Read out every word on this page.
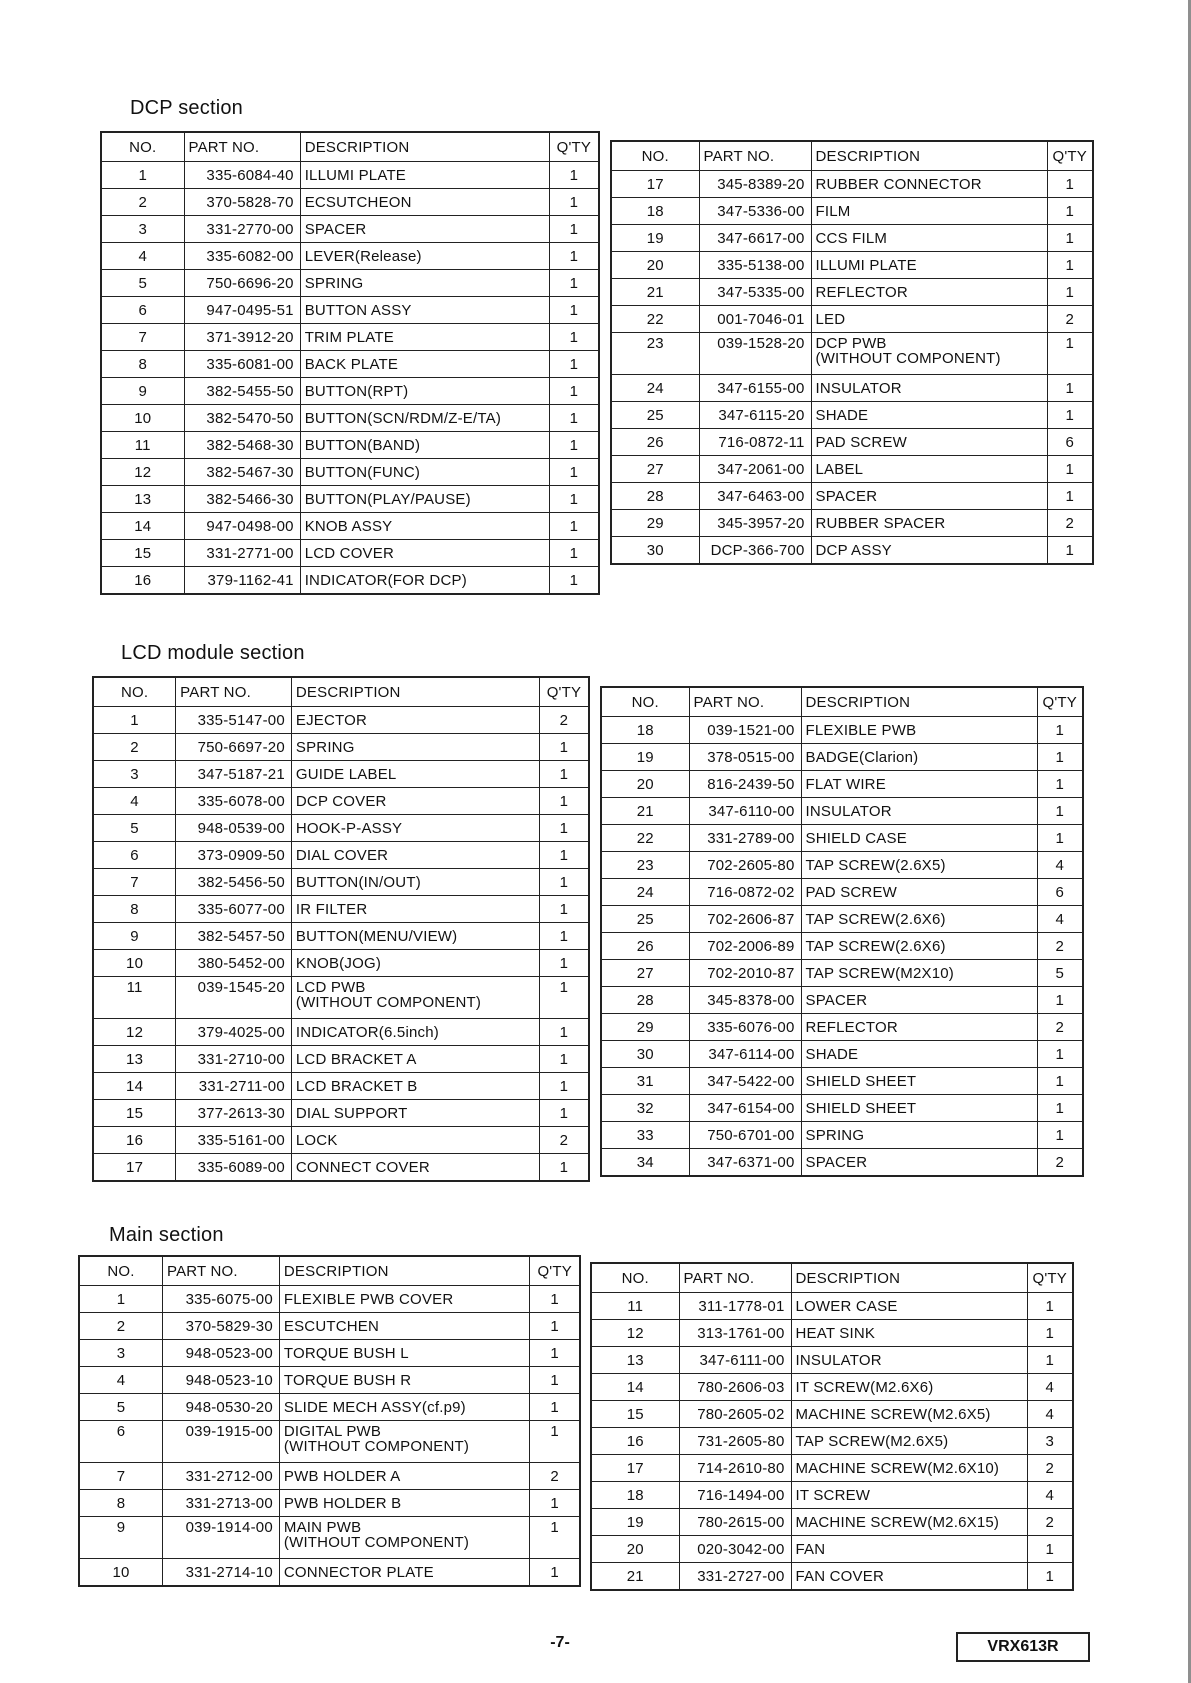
DCP section
NO.	PART NO.	DESCRIPTION	Q'TY
1	335-6084-40	ILLUMI PLATE	1
2	370-5828-70	ECSUTCHEON	1
3	331-2770-00	SPACER	1
4	335-6082-00	LEVER(Release)	1
5	750-6696-20	SPRING	1
6	947-0495-51	BUTTON ASSY	1
7	371-3912-20	TRIM PLATE	1
8	335-6081-00	BACK PLATE	1
9	382-5455-50	BUTTON(RPT)	1
10	382-5470-50	BUTTON(SCN/RDM/Z-E/TA)	1
11	382-5468-30	BUTTON(BAND)	1
12	382-5467-30	BUTTON(FUNC)	1
13	382-5466-30	BUTTON(PLAY/PAUSE)	1
14	947-0498-00	KNOB ASSY	1
15	331-2771-00	LCD COVER	1
16	379-1162-41	INDICATOR(FOR DCP)	1
NO.	PART NO.	DESCRIPTION	Q'TY
17	345-8389-20	RUBBER CONNECTOR	1
18	347-5336-00	FILM	1
19	347-6617-00	CCS FILM	1
20	335-5138-00	ILLUMI PLATE	1
21	347-5335-00	REFLECTOR	1
22	001-7046-01	LED	2
23	039-1528-20	DCP PWB
(WITHOUT COMPONENT)	1
24	347-6155-00	INSULATOR	1
25	347-6115-20	SHADE	1
26	716-0872-11	PAD SCREW	6
27	347-2061-00	LABEL	1
28	347-6463-00	SPACER	1
29	345-3957-20	RUBBER SPACER	2
30	DCP-366-700	DCP ASSY	1
LCD module section
NO.	PART NO.	DESCRIPTION	Q'TY
1	335-5147-00	EJECTOR	2
2	750-6697-20	SPRING	1
3	347-5187-21	GUIDE LABEL	1
4	335-6078-00	DCP COVER	1
5	948-0539-00	HOOK-P-ASSY	1
6	373-0909-50	DIAL COVER	1
7	382-5456-50	BUTTON(IN/OUT)	1
8	335-6077-00	IR FILTER	1
9	382-5457-50	BUTTON(MENU/VIEW)	1
10	380-5452-00	KNOB(JOG)	1
11	039-1545-20	LCD PWB
(WITHOUT COMPONENT)	1
12	379-4025-00	INDICATOR(6.5inch)	1
13	331-2710-00	LCD BRACKET A	1
14	331-2711-00	LCD BRACKET B	1
15	377-2613-30	DIAL SUPPORT	1
16	335-5161-00	LOCK	2
17	335-6089-00	CONNECT COVER	1
NO.	PART NO.	DESCRIPTION	Q'TY
18	039-1521-00	FLEXIBLE PWB	1
19	378-0515-00	BADGE(Clarion)	1
20	816-2439-50	FLAT WIRE	1
21	347-6110-00	INSULATOR	1
22	331-2789-00	SHIELD CASE	1
23	702-2605-80	TAP SCREW(2.6X5)	4
24	716-0872-02	PAD SCREW	6
25	702-2606-87	TAP SCREW(2.6X6)	4
26	702-2006-89	TAP SCREW(2.6X6)	2
27	702-2010-87	TAP SCREW(M2X10)	5
28	345-8378-00	SPACER	1
29	335-6076-00	REFLECTOR	2
30	347-6114-00	SHADE	1
31	347-5422-00	SHIELD SHEET	1
32	347-6154-00	SHIELD SHEET	1
33	750-6701-00	SPRING	1
34	347-6371-00	SPACER	2
Main section
NO.	PART NO.	DESCRIPTION	Q'TY
1	335-6075-00	FLEXIBLE PWB COVER	1
2	370-5829-30	ESCUTCHEN	1
3	948-0523-00	TORQUE BUSH L	1
4	948-0523-10	TORQUE BUSH R	1
5	948-0530-20	SLIDE MECH ASSY(cf.p9)	1
6	039-1915-00	DIGITAL PWB
(WITHOUT COMPONENT)	1
7	331-2712-00	PWB HOLDER A	2
8	331-2713-00	PWB HOLDER B	1
9	039-1914-00	MAIN PWB
(WITHOUT COMPONENT)	1
10	331-2714-10	CONNECTOR PLATE	1
NO.	PART NO.	DESCRIPTION	Q'TY
11	311-1778-01	LOWER CASE	1
12	313-1761-00	HEAT SINK	1
13	347-6111-00	INSULATOR	1
14	780-2606-03	IT SCREW(M2.6X6)	4
15	780-2605-02	MACHINE SCREW(M2.6X5)	4
16	731-2605-80	TAP SCREW(M2.6X5)	3
17	714-2610-80	MACHINE SCREW(M2.6X10)	2
18	716-1494-00	IT SCREW	4
19	780-2615-00	MACHINE SCREW(M2.6X15)	2
20	020-3042-00	FAN	1
21	331-2727-00	FAN COVER	1
-7-	VRX613R
